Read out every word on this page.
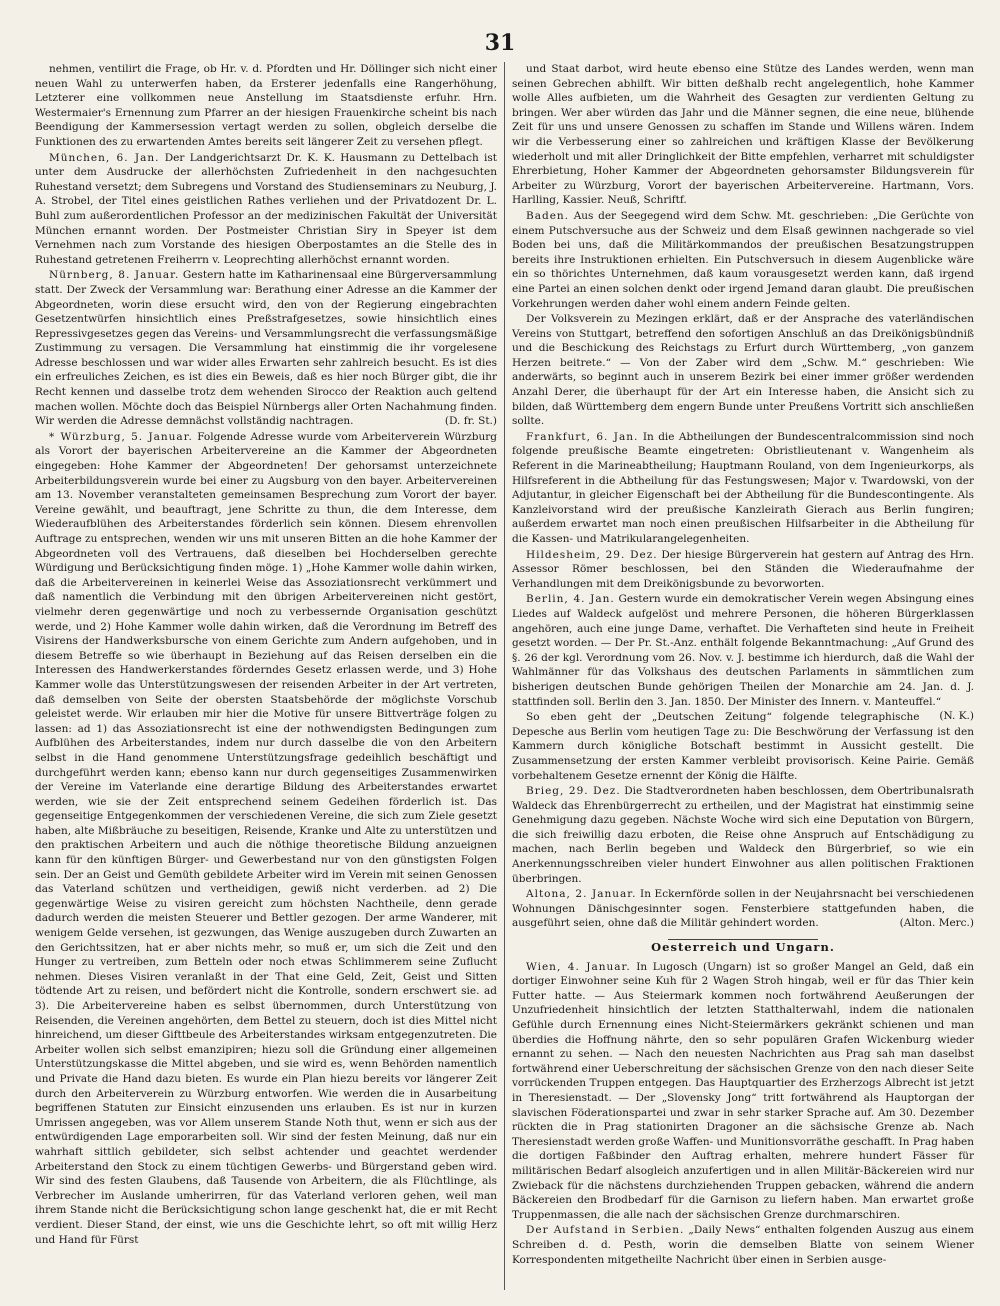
31

nehmen, ventilirt die Frage, ob Hr. v. d. Pfordten und Hr. Döllinger sich nicht einer neuen Wahl zu unterwerfen haben, da Ersterer jedenfalls eine Rangerhöhung, Letzterer eine vollkommen neue Anstellung im Staatsdienste erfuhr. Hrn. Westermaier's Ernennung zum Pfarrer an der hiesigen Frauenkirche scheint bis nach Beendigung der Kammersession vertagt werden zu sollen, obgleich derselbe die Funktionen des zu erwartenden Amtes bereits seit längerer Zeit zu versehen pflegt.

München, 6. Jan. Der Landgerichtsarzt Dr. K. K. Hausmann zu Dettelbach ist unter dem Ausdrucke der allerhöchsten Zufriedenheit in den nachgesuchten Ruhestand versetzt; dem Subregens und Vorstand des Studienseminars zu Neuburg, J. A. Strobel, der Titel eines geistlichen Rathes verliehen und der Privatdozent Dr. L. Buhl zum außerordentlichen Professor an der medizinischen Fakultät der Universität München ernannt worden. Der Postmeister Christian Siry in Speyer ist dem Vernehmen nach zum Vorstande des hiesigen Oberpostamtes an die Stelle des in Ruhestand getretenen Freiherrn v. Leoprechting allerhöchst ernannt worden.

Nürnberg, 8. Januar. Gestern hatte im Katharinensaal eine Bürgerversammlung statt. Der Zweck der Versammlung war: Berathung einer Adresse an die Kammer der Abgeordneten, worin diese ersucht wird, den von der Regierung eingebrachten Gesetzentwürfen hinsichtlich eines Preßstrafgesetzes, sowie hinsichtlich eines Repressivgesetzes gegen das Vereins- und Versammlungsrecht die verfassungsmäßige Zustimmung zu versagen. Die Versammlung hat einstimmig die ihr vorgelesene Adresse beschlossen und war wider alles Erwarten sehr zahlreich besucht. Es ist dies ein erfreuliches Zeichen, es ist dies ein Beweis, daß es hier noch Bürger gibt, die ihr Recht kennen und dasselbe trotz dem wehenden Sirocco der Reaktion auch geltend machen wollen. Möchte doch das Beispiel Nürnbergs aller Orten Nachahmung finden. Wir werden die Adresse demnächst vollständig nachtragen.	(D. fr. St.)

* Würzburg, 5. Januar. Folgende Adresse wurde vom Arbeiterverein Würzburg als Vorort der bayerischen Arbeitervereine an die Kammer der Abgeordneten eingegeben: Hohe Kammer der Abgeordneten! Der gehorsamst unterzeichnete Arbeiterbildungsverein wurde bei einer zu Augsburg von den bayer. Arbeitervereinen am 13. November veranstalteten gemeinsamen Besprechung zum Vorort der bayer. Vereine gewählt, und beauftragt, jene Schritte zu thun, die dem Interesse, dem Wiederaufblühen des Arbeiterstandes förderlich sein können. Diesem ehrenvollen Auftrage zu entsprechen, wenden wir uns mit unseren Bitten an die hohe Kammer der Abgeordneten voll des Vertrauens, daß dieselben bei Hochderselben gerechte Würdigung und Berücksichtigung finden möge. 1) „Hohe Kammer wolle dahin wirken, daß die Arbeitervereinen in keinerlei Weise das Assoziationsrecht verkümmert und daß namentlich die Verbindung mit den übrigen Arbeitervereinen nicht gestört, vielmehr deren gegenwärtige und noch zu verbessernde Organisation geschützt werde, und 2) Hohe Kammer wolle dahin wirken, daß die Verordnung im Betreff des Visirens der Handwerksbursche von einem Gerichte zum Andern aufgehoben, und in diesem Betreffe so wie überhaupt in Beziehung auf das Reisen derselben ein die Interessen des Handwerkerstandes förderndes Gesetz erlassen werde, und 3) Hohe Kammer wolle das Unterstützungswesen der reisenden Arbeiter in der Art vertreten, daß demselben von Seite der obersten Staatsbehörde der möglichste Vorschub geleistet werde. Wir erlauben mir hier die Motive für unsere Bittverträge folgen zu lassen: ad 1) das Assoziationsrecht ist eine der nothwendigsten Bedingungen zum Aufblühen des Arbeiterstandes, indem nur durch dasselbe die von den Arbeitern selbst in die Hand genommene Unterstützungsfrage gedeihlich beschäftigt und durchgeführt werden kann; ebenso kann nur durch gegenseitiges Zusammenwirken der Vereine im Vaterlande eine derartige Bildung des Arbeiterstandes erwartet werden, wie sie der Zeit entsprechend seinem Gedeihen förderlich ist. Das gegenseitige Entgegenkommen der verschiedenen Vereine, die sich zum Ziele gesetzt haben, alte Mißbräuche zu beseitigen, Reisende, Kranke und Alte zu unterstützen und den praktischen Arbeitern und auch die nöthige theoretische Bildung anzueignen kann für den künftigen Bürger- und Gewerbestand nur von den günstigsten Folgen sein. Der an Geist und Gemüth gebildete Arbeiter wird im Verein mit seinen Genossen das Vaterland schützen und vertheidigen, gewiß nicht verderben. ad 2) Die gegenwärtige Weise zu visiren gereicht zum höchsten Nachtheile, denn gerade dadurch werden die meisten Steuerer und Bettler gezogen. Der arme Wanderer, mit wenigem Gelde versehen, ist gezwungen, das Wenige auszugeben durch Zuwarten an den Gerichtssitzen, hat er aber nichts mehr, so muß er, um sich die Zeit und den Hunger zu vertreiben, zum Betteln oder noch etwas Schlimmerem seine Zuflucht nehmen. Dieses Visiren veranlaßt in der That eine Geld, Zeit, Geist und Sitten tödtende Art zu reisen, und befördert nicht die Kontrolle, sondern erschwert sie. ad 3). Die Arbeitervereine haben es selbst übernommen, durch Unterstützung von Reisenden, die Vereinen angehörten, dem Bettel zu steuern, doch ist dies Mittel nicht hinreichend, um dieser Gifttbeule des Arbeiterstandes wirksam entgegenzutreten. Die Arbeiter wollen sich selbst emanzipiren; hiezu soll die Gründung einer allgemeinen Unterstützungskasse die Mittel abgeben, und sie wird es, wenn Behörden namentlich und Private die Hand dazu bieten. Es wurde ein Plan hiezu bereits vor längerer Zeit durch den Arbeiterverein zu Würzburg entworfen. Wie werden die in Ausarbeitung begriffenen Statuten zur Einsicht einzusenden uns erlauben. Es ist nur in kurzen Umrissen angegeben, was vor Allem unserem Stande Noth thut, wenn er sich aus der entwürdigenden Lage emporarbeiten soll. Wir sind der festen Meinung, daß nur ein wahrhaft sittlich gebildeter, sich selbst achtender und geachtet werdender Arbeiterstand den Stock zu einem tüchtigen Gewerbs- und Bürgerstand geben wird. Wir sind des festen Glaubens, daß Tausende von Arbeitern, die als Flüchtlinge, als Verbrecher im Auslande umherirren, für das Vaterland verloren gehen, weil man ihrem Stande nicht die Berücksichtigung schon lange geschenkt hat, die er mit Recht verdient. Dieser Stand, der einst, wie uns die Geschichte lehrt, so oft mit willig Herz und Hand für Fürst

und Staat darbot, wird heute ebenso eine Stütze des Landes werden, wenn man seinen Gebrechen abhilft. Wir bitten deßhalb recht angelegentlich, hohe Kammer wolle Alles aufbieten, um die Wahrheit des Gesagten zur verdienten Geltung zu bringen. Wer aber würden das Jahr und die Männer segnen, die eine neue, blühende Zeit für uns und unsere Genossen zu schaffen im Stande und Willens wären. Indem wir die Verbesserung einer so zahlreichen und kräftigen Klasse der Bevölkerung wiederholt und mit aller Dringlichkeit der Bitte empfehlen, verharret mit schuldigster Ehrerbietung, Hoher Kammer der Abgeordneten gehorsamster Bildungsverein für Arbeiter zu Würzburg, Vorort der bayerischen Arbeitervereine. Hartmann, Vors. Harlling, Kassier. Neuß, Schriftf.

Baden. Aus der Seegegend wird dem Schw. Mt. geschrieben: „Die Gerüchte von einem Putschversuche aus der Schweiz und dem Elsaß gewinnen nachgerade so viel Boden bei uns, daß die Militärkommandos der preußischen Besatzungstruppen bereits ihre Instruktionen erhielten. Ein Putschversuch in diesem Augenblicke wäre ein so thörichtes Unternehmen, daß kaum vorausgesetzt werden kann, daß irgend eine Partei an einen solchen denkt oder irgend Jemand daran glaubt. Die preußischen Vorkehrungen werden daher wohl einem andern Feinde gelten.

Der Volksverein zu Mezingen erklärt, daß er der Ansprache des vaterländischen Vereins von Stuttgart, betreffend den sofortigen Anschluß an das Dreikönigsbündniß und die Beschickung des Reichstags zu Erfurt durch Württemberg, „von ganzem Herzen beitrete.“ — Von der Zaber wird dem „Schw. M.“ geschrieben: Wie anderwärts, so beginnt auch in unserem Bezirk bei einer immer größer werdenden Anzahl Derer, die überhaupt für der Art ein Interesse haben, die Ansicht sich zu bilden, daß Württemberg dem engern Bunde unter Preußens Vortritt sich anschließen sollte.

Frankfurt, 6. Jan. In die Abtheilungen der Bundescentralcommission sind noch folgende preußische Beamte eingetreten: Obristlieutenant v. Wangenheim als Referent in die Marineabtheilung; Hauptmann Rouland, von dem Ingenieurkorps, als Hilfsreferent in die Abtheilung für das Festungswesen; Major v. Twardowski, von der Adjutantur, in gleicher Eigenschaft bei der Abtheilung für die Bundescontingente. Als Kanzleivorstand wird der preußische Kanzleirath Gierach aus Berlin fungiren; außerdem erwartet man noch einen preußischen Hilfsarbeiter in die Abtheilung für die Kassen- und Matrikularangelegenheiten.

Hildesheim, 29. Dez. Der hiesige Bürgerverein hat gestern auf Antrag des Hrn. Assessor Römer beschlossen, bei den Ständen die Wiederaufnahme der Verhandlungen mit dem Dreikönigsbunde zu bevorworten.

Berlin, 4. Jan. Gestern wurde ein demokratischer Verein wegen Absingung eines Liedes auf Waldeck aufgelöst und mehrere Personen, die höheren Bürgerklassen angehören, auch eine junge Dame, verhaftet. Die Verhafteten sind heute in Freiheit gesetzt worden. — Der Pr. St.-Anz. enthält folgende Bekanntmachung: „Auf Grund des §. 26 der kgl. Verordnung vom 26. Nov. v. J. bestimme ich hierdurch, daß die Wahl der Wahlmänner für das Volkshaus des deutschen Parlaments in sämmtlichen zum bisherigen deutschen Bunde gehörigen Theilen der Monarchie am 24. Jan. d. J. stattfinden soll. Berlin den 3. Jan. 1850. Der Minister des Innern. v. Manteuffel.“
(N. K.)

So eben geht der „Deutschen Zeitung“ folgende telegraphische Depesche aus Berlin vom heutigen Tage zu: Die Beschwörung der Verfassung ist den Kammern durch königliche Botschaft bestimmt in Aussicht gestellt. Die Zusammensetzung der ersten Kammer verbleibt provisorisch. Keine Pairie. Gemäß vorbehaltenem Gesetze ernennt der König die Hälfte.

Brieg, 29. Dez. Die Stadtverordneten haben beschlossen, dem Obertribunalsrath Waldeck das Ehrenbürgerrecht zu ertheilen, und der Magistrat hat einstimmig seine Genehmigung dazu gegeben. Nächste Woche wird sich eine Deputation von Bürgern, die sich freiwillig dazu erboten, die Reise ohne Anspruch auf Entschädigung zu machen, nach Berlin begeben und Waldeck den Bürgerbrief, so wie ein Anerkennungsschreiben vieler hundert Einwohner aus allen politischen Fraktionen überbringen.

Altona, 2. Januar. In Eckernförde sollen in der Neujahrsnacht bei verschiedenen Wohnungen Dänischgesinnter sogen. Fensterbiere stattgefunden haben, die ausgeführt seien, ohne daß die Militär gehindert worden.	(Alton. Merc.)

Oesterreich und Ungarn.

Wien, 4. Januar. In Lugosch (Ungarn) ist so großer Mangel an Geld, daß ein dortiger Einwohner seine Kuh für 2 Wagen Stroh hingab, weil er für das Thier kein Futter hatte. — Aus Steiermark kommen noch fortwährend Aeußerungen der Unzufriedenheit hinsichtlich der letzten Statthalterwahl, indem die nationalen Gefühle durch Ernennung eines Nicht-Steiermärkers gekränkt schienen und man überdies die Hoffnung nährte, den so sehr populären Grafen Wickenburg wieder ernannt zu sehen. — Nach den neuesten Nachrichten aus Prag sah man daselbst fortwährend einer Ueberschreitung der sächsischen Grenze von den nach dieser Seite vorrückenden Truppen entgegen. Das Hauptquartier des Erzherzogs Albrecht ist jetzt in Theresienstadt. — Der „Slovensky Jong“ tritt fortwährend als Hauptorgan der slavischen Föderationspartei und zwar in sehr starker Sprache auf. Am 30. Dezember rückten die in Prag stationirten Dragoner an die sächsische Grenze ab. Nach Theresienstadt werden große Waffen- und Munitionsvorräthe geschafft. In Prag haben die dortigen Faßbinder den Auftrag erhalten, mehrere hundert Fässer für militärischen Bedarf alsogleich anzufertigen und in allen Militär-Bäckereien wird nur Zwieback für die nächstens durchziehenden Truppen gebacken, während die andern Bäckereien den Brodbedarf für die Garnison zu liefern haben. Man erwartet große Truppenmassen, die alle nach der sächsischen Grenze durchmarschiren.

Der Aufstand in Serbien. „Daily News“ enthalten folgenden Auszug aus einem Schreiben d. d. Pesth, worin die demselben Blatte von seinem Wiener Korrespondenten mitgetheilte Nachricht über einen in Serbien ausge-
